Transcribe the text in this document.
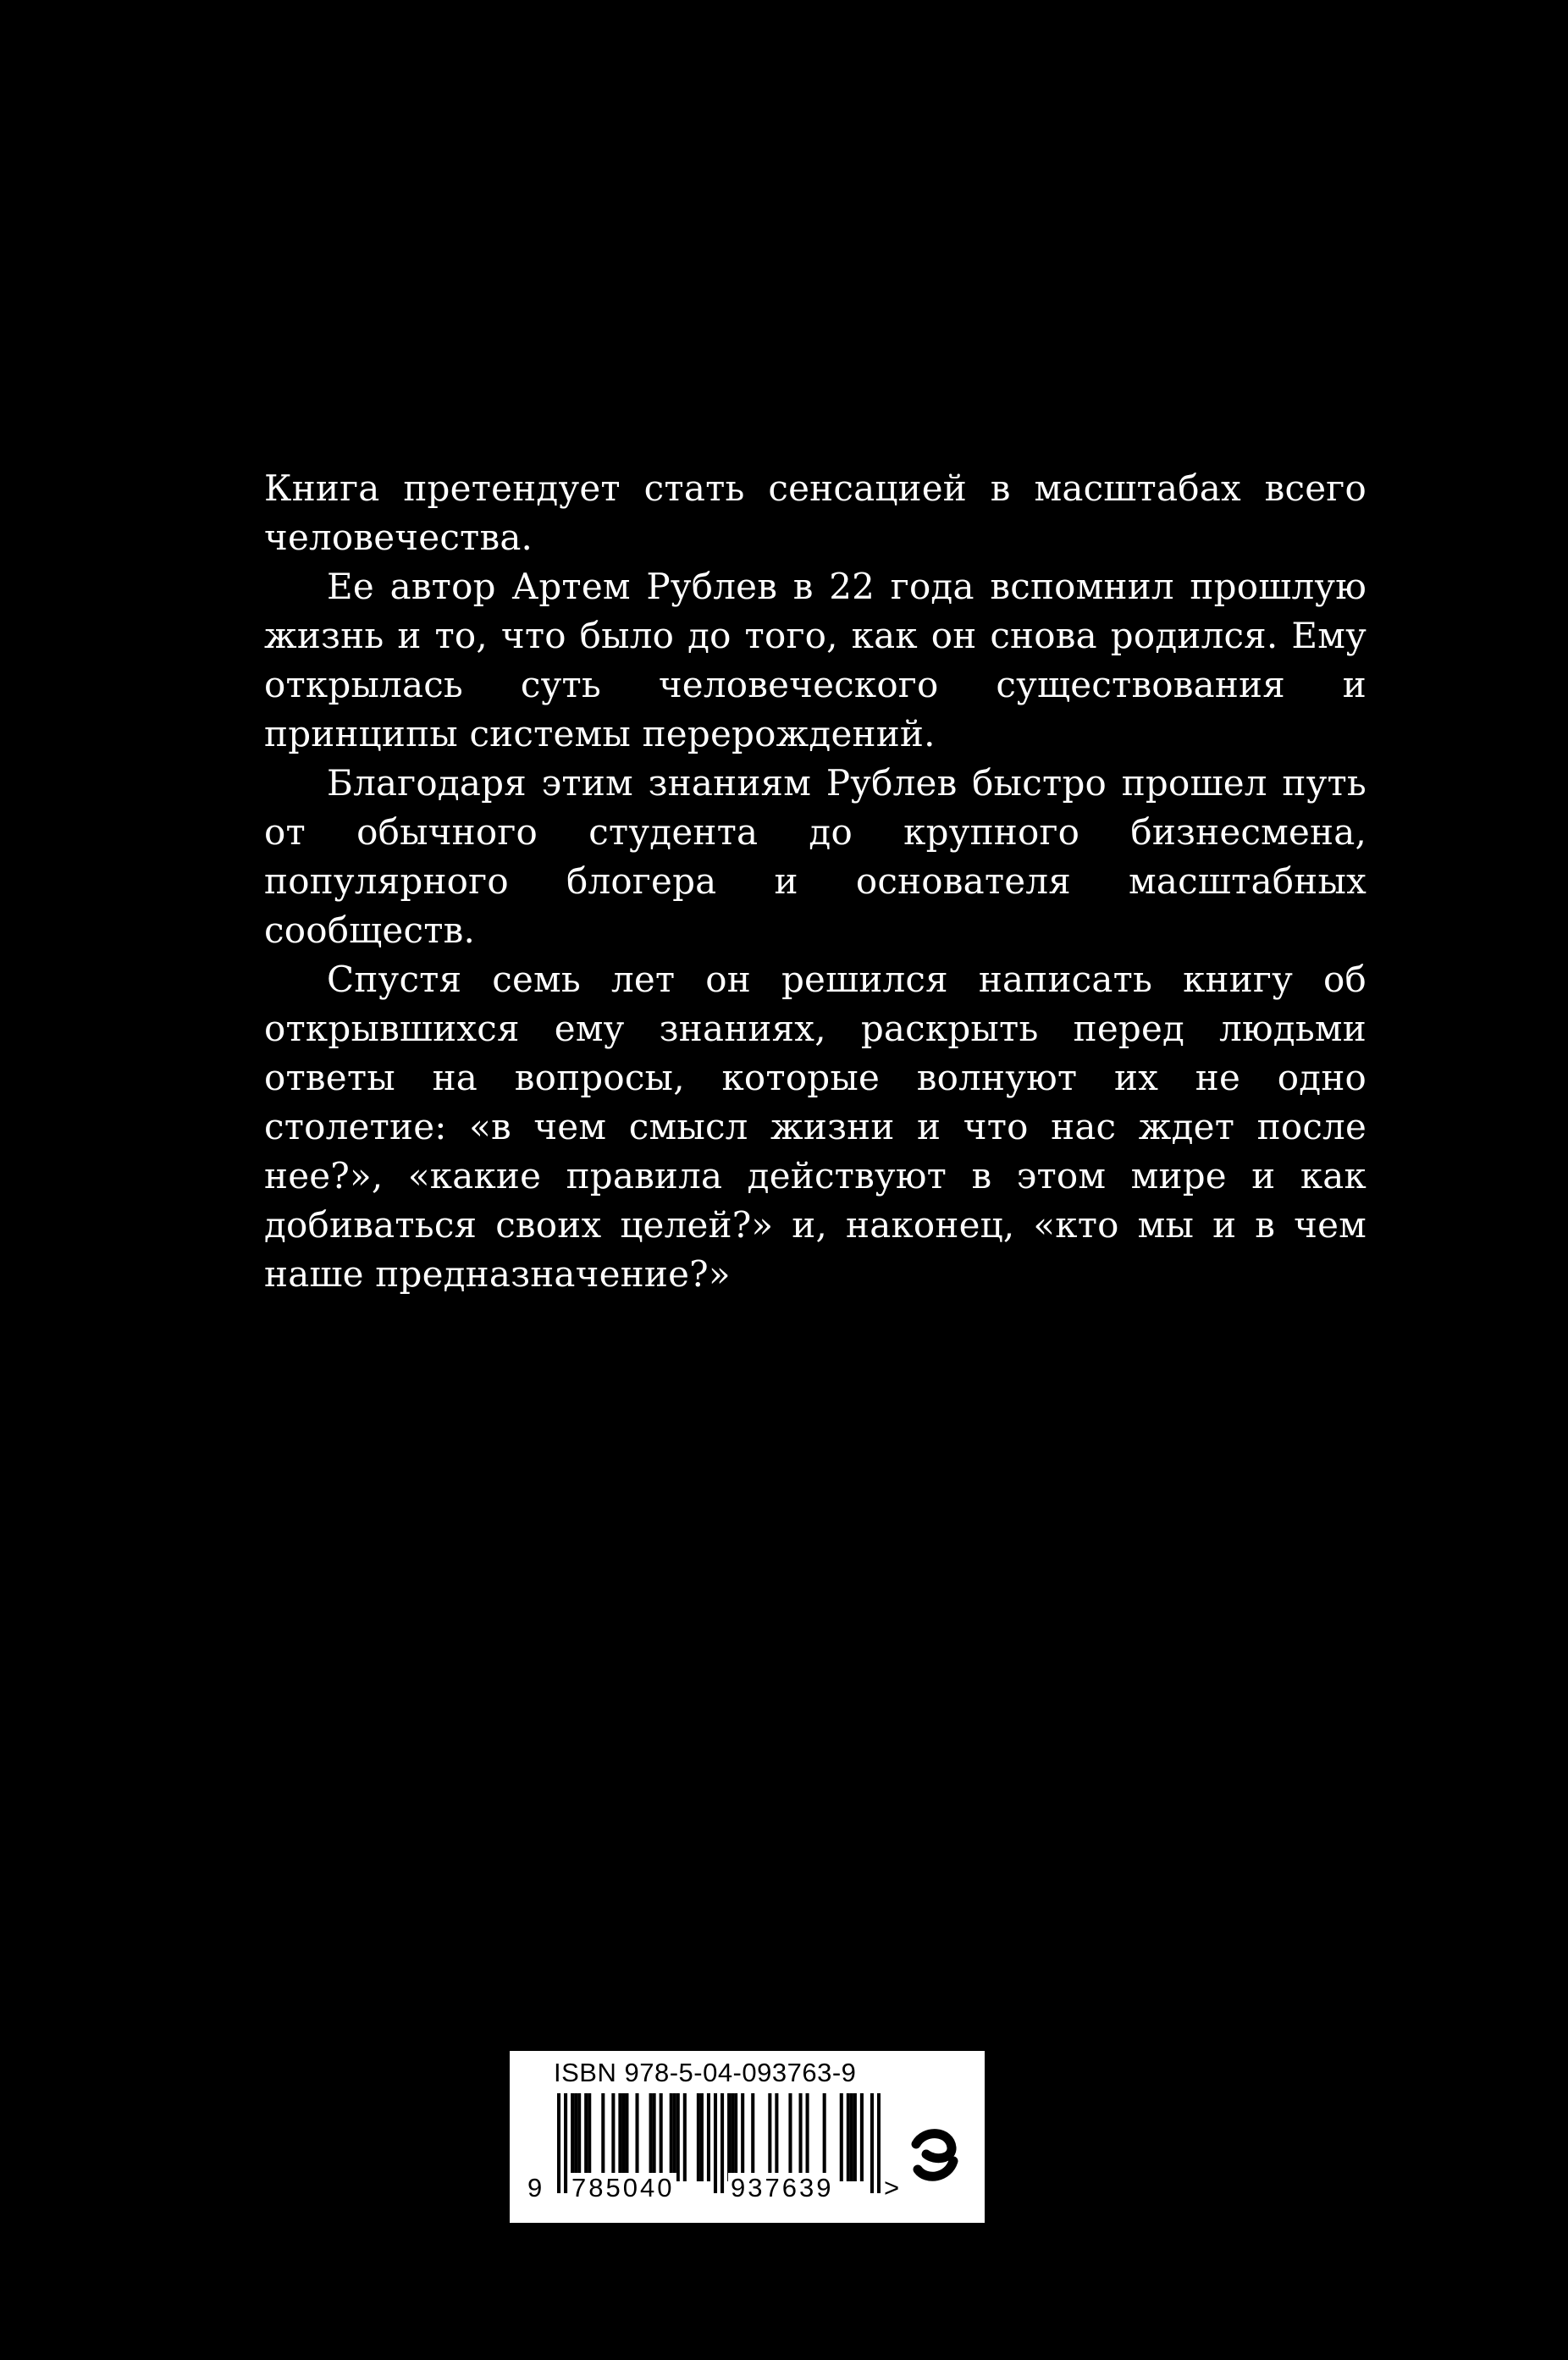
Книга претендует стать сенсацией в масштабах всего человечества.

Ее автор Артем Рублев в 22 года вспомнил прошлую жизнь и то, что было до того, как он снова родился. Ему открылась суть человеческого существования и принципы системы перерождений.

Благодаря этим знаниям Рублев быстро прошел путь от обычного студента до крупного бизнесмена, популярного блогера и основателя масштабных сообществ.

Спустя семь лет он решился написать книгу об открывшихся ему знаниях, раскрыть перед людьми ответы на вопросы, которые волнуют их не одно столетие: «в чем смысл жизни и что нас ждет после нее?», «какие правила действуют в этом мире и как добиваться своих целей?» и, наконец, «кто мы и в чем наше предназначение?»

ISBN 978-5-04-093763-9
9 785040 937639 >
